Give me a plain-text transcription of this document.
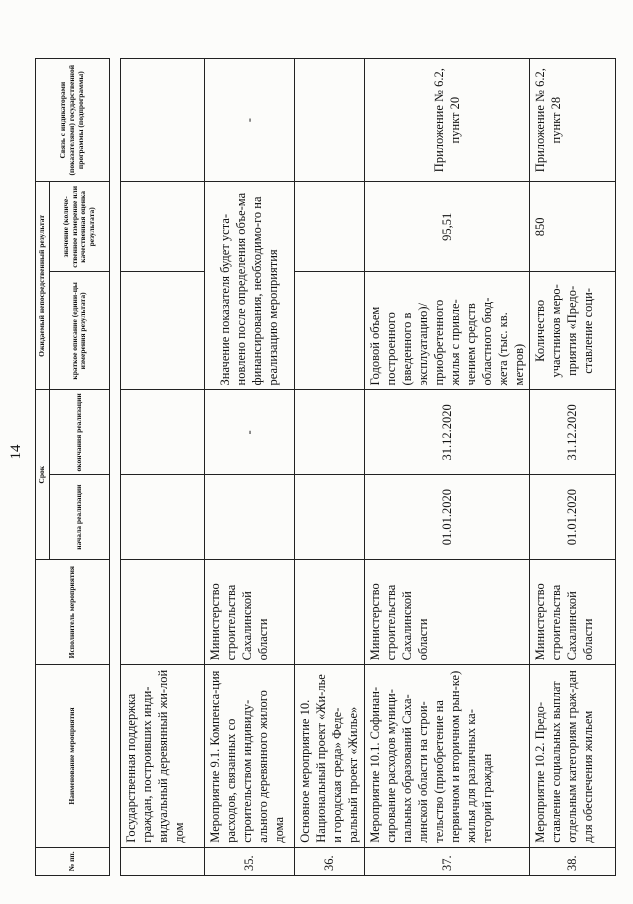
14
№ пп.	Наименование мероприятия	Исполнитель мероприятия	Срок		Ожидаемый непосредственный результат		Связь с индикаторами (показателями) государственной программы (подпрограммы)
			начала реализации	окончания реализации	краткое описание (едини-цы измерения результата)	значение (количе-ственное измерение или качественная оценка результата)	

	Государственная поддержка граждан, построивших инди-видуальный деревянный жи-лой дом						
35.	Мероприятие 9.1. Компенса-ция расходов, связанных со строительством индивиду-ального деревянного жилого дома	Министерство строительства Сахалинской области		-	Значение показателя будет уста-новлено после определения объе-ма финансирования, необходимо-го на реализацию мероприятия		-
36.	Основное мероприятие 10. Национальный проект «Жи-лье и городская среда» Феде-ральный проект «Жилье»						
37.	Мероприятие 10.1. Софинан-сирование расходов муници-пальных образований Саха-линской области на строи-тельство (приобретение на первичном и вторичном рын-ке) жилья для различных ка-тегорий граждан	Министерство строительства Сахалинской области	01.01.2020	31.12.2020	Годовой объем построенного (введенного в эксплуатацию)/ приобретенного жилья с привле-чением средств областного бюд-жета (тыс. кв. метров)	95,51	Приложение № 6.2, пункт 20
38.	Мероприятие 10.2. Предо-ставление социальных выплат отдельным категориям граж-дан для обеспечения жильем	Министерство строительства Сахалинской области	01.01.2020	31.12.2020	Количество участников меро-приятия «Предо-ставление соци-	850	Приложение № 6.2, пункт 28
